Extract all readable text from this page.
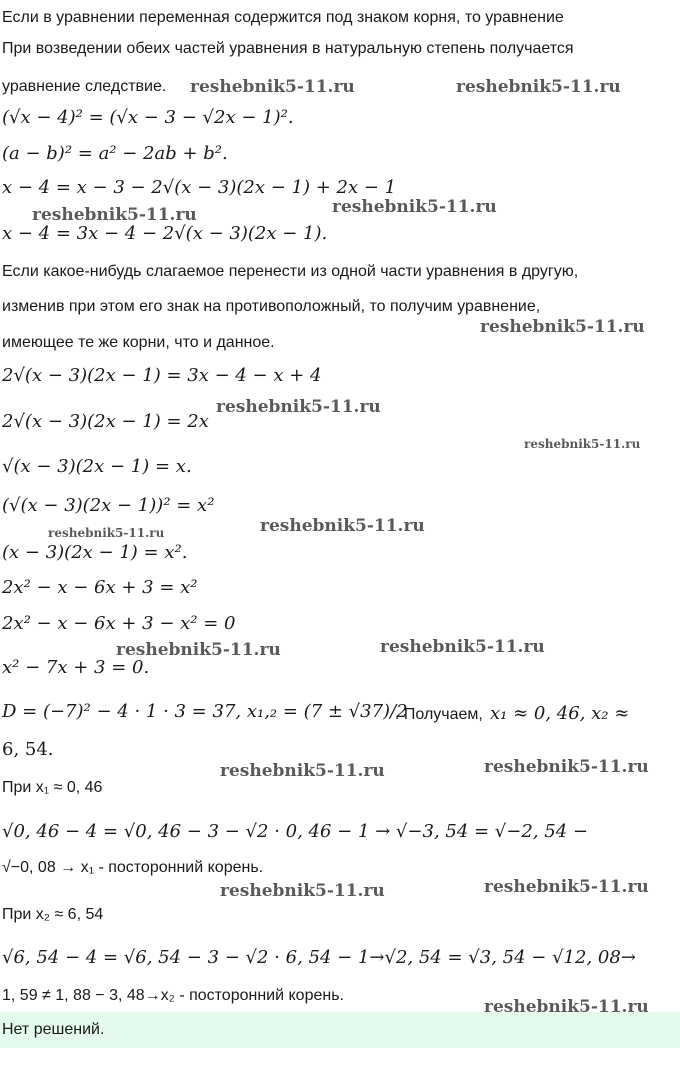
Если в уравнении переменная содержится под знаком корня, то уравнение
При возведении обеих частей уравнения в натуральную степень получается
уравнение следствие.
(√x − 4)² = (√x − 3 − √2x − 1)².
(a − b)² = a² − 2ab + b².
x − 4 = x − 3 − 2√(x − 3)(2x − 1) + 2x − 1
x − 4 = 3x − 4 − 2√(x − 3)(2x − 1).
Если какое-нибудь слагаемое перенести из одной части уравнения в другую,
изменив при этом его знак на противоположный, то получим уравнение,
имеющее те же корни, что и данное.
2√(x − 3)(2x − 1) = 3x − 4 − x + 4
2√(x − 3)(2x − 1) = 2x
√(x − 3)(2x − 1) = x.
(√(x − 3)(2x − 1))² = x²
(x − 3)(2x − 1) = x².
2x² − x − 6x + 3 = x²
2x² − x − 6x + 3 − x² = 0
x² − 7x + 3 = 0.
D = (−7)² − 4 · 1 · 3 = 37, x₁,₂ = (7 ± √37)/2
. Получаем, x₁ ≈ 0, 46, x₂ ≈
6, 54.
При x₁ ≈ 0, 46
√0, 46 − 4 = √0, 46 − 3 − √2 · 0, 46 − 1 → √−3, 54 = √−2, 54 −
√−0, 08 → x₁ - посторонний корень.
При x₂ ≈ 6, 54
√6, 54 − 4 = √6, 54 − 3 − √2 · 6, 54 − 1→√2, 54 = √3, 54 − √12, 08→
1, 59 ≠ 1, 88 − 3, 48→x₂ - посторонний корень.
Нет решений.
reshebnik5-11.ru	reshebnik5-11.ru
reshebnik5-11.ru	reshebnik5-11.ru
reshebnik5-11.ru
reshebnik5-11.ru
reshebnik5-11.ru
reshebnik5-11.ru
reshebnik5-11.ru
reshebnik5-11.ru	reshebnik5-11.ru
reshebnik5-11.ru	reshebnik5-11.ru
reshebnik5-11.ru	reshebnik5-11.ru
reshebnik5-11.ru
